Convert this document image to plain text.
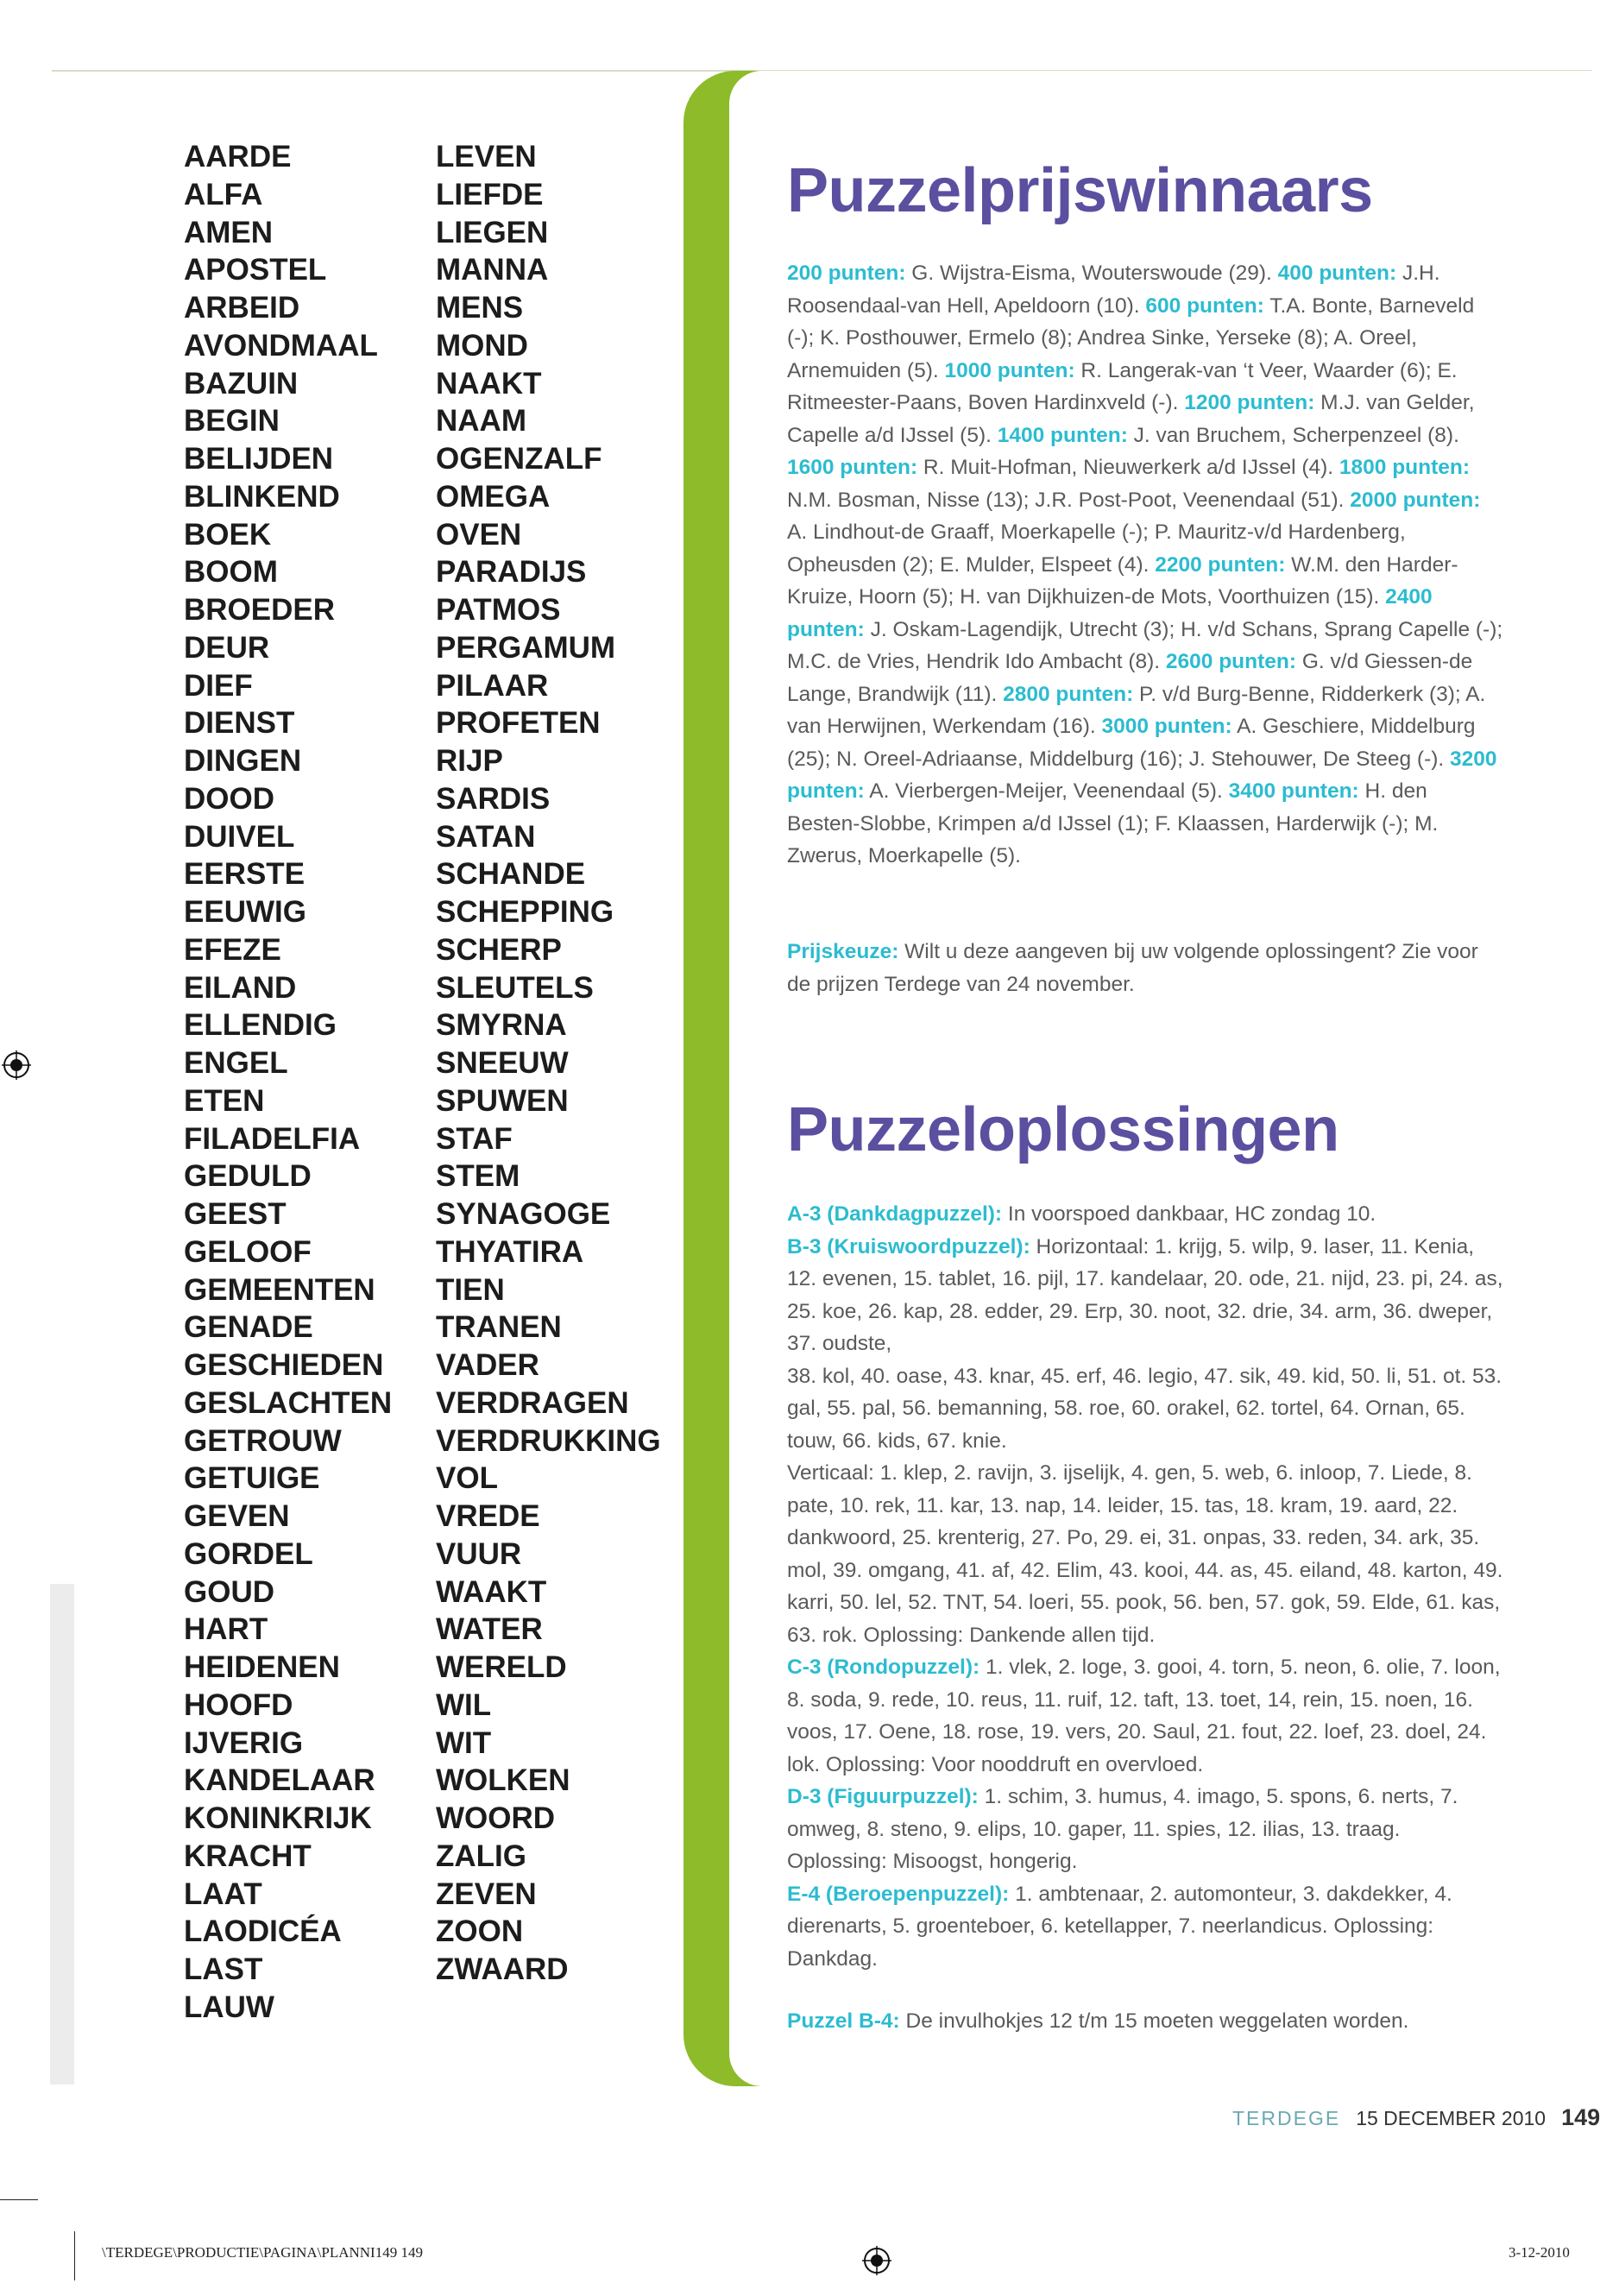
AARDE
ALFA
AMEN
APOSTEL
ARBEID
AVONDMAAL
BAZUIN
BEGIN
BELIJDEN
BLINKEND
BOEK
BOOM
BROEDER
DEUR
DIEF
DIENST
DINGEN
DOOD
DUIVEL
EERSTE
EEUWIG
EFEZE
EILAND
ELLENDIG
ENGEL
ETEN
FILADELFIA
GEDULD
GEEST
GELOOF
GEMEENTEN
GENADE
GESCHIEDEN
GESLACHTEN
GETROUW
GETUIGE
GEVEN
GORDEL
GOUD
HART
HEIDENEN
HOOFD
IJVERIG
KANDELAAR
KONINKRIJK
KRACHT
LAAT
LAODICÉA
LAST
LAUW
LEVEN
LIEFDE
LIEGEN
MANNA
MENS
MOND
NAAKT
NAAM
OGENZALF
OMEGA
OVEN
PARADIJS
PATMOS
PERGAMUM
PILAAR
PROFETEN
RIJP
SARDIS
SATAN
SCHANDE
SCHEPPING
SCHERP
SLEUTELS
SMYRNA
SNEEUW
SPUWEN
STAF
STEM
SYNAGOGE
THYATIRA
TIEN
TRANEN
VADER
VERDRAGEN
VERDRUKKING
VOL
VREDE
VUUR
WAAKT
WATER
WERELD
WIL
WIT
WOLKEN
WOORD
ZALIG
ZEVEN
ZOON
ZWAARD
Puzzelprijswinnaars

200 punten: G. Wijstra-Eisma, Wouterswoude (29). 400 punten: J.H. Roosendaal-van Hell, Apeldoorn (10). 600 punten: T.A. Bonte, Barneveld (-); K. Posthouwer, Ermelo (8); Andrea Sinke, Yerseke (8); A. Oreel, Arnemuiden (5). 1000 punten: R. Langerak-van ‘t Veer, Waarder (6); E. Ritmeester-Paans, Boven Hardinxveld (-). 1200 punten: M.J. van Gelder, Capelle a/d IJssel (5). 1400 punten: J. van Bruchem, Scherpenzeel (8). 1600 punten: R. Muit-Hofman, Nieuwerkerk a/d IJssel (4). 1800 punten: N.M. Bosman, Nisse (13); J.R. Post-Poot, Veenendaal (51). 2000 punten: A. Lindhout-de Graaff, Moerkapelle (-); P. Mauritz-v/d Hardenberg, Opheusden (2); E. Mulder, Elspeet (4). 2200 punten: W.M. den Harder-Kruize, Hoorn (5); H. van Dijkhuizen-de Mots, Voorthuizen (15). 2400 punten: J. Oskam-Lagendijk, Utrecht (3); H. v/d Schans, Sprang Capelle (-); M.C. de Vries, Hendrik Ido Ambacht (8). 2600 punten: G. v/d Giessen-de Lange, Brandwijk (11). 2800 punten: P. v/d Burg-Benne, Ridderkerk (3); A. van Herwijnen, Werkendam (16). 3000 punten: A. Geschiere, Middelburg (25); N. Oreel-Adriaanse, Middelburg (16); J. Stehouwer, De Steeg (-). 3200 punten: A. Vierbergen-Meijer, Veenendaal (5). 3400 punten: H. den Besten-Slobbe, Krimpen a/d IJssel (1); F. Klaassen, Harderwijk (-); M. Zwerus, Moerkapelle (5).

Prijskeuze: Wilt u deze aangeven bij uw volgende oplossingent? Zie voor de prijzen Terdege van 24 november.

Puzzeloplossingen
A-3 (Dankdagpuzzel): In voorspoed dankbaar, HC zondag 10.
B-3 (Kruiswoordpuzzel): Horizontaal: 1. krijg, 5. wilp, 9. laser, 11. Kenia, 12. evenen, 15. tablet, 16. pijl, 17. kandelaar, 20. ode, 21. nijd, 23. pi, 24. as, 25. koe, 26. kap, 28. edder, 29. Erp, 30. noot, 32. drie, 34. arm, 36. dweper, 37. oudste,
38. kol, 40. oase, 43. knar, 45. erf, 46. legio, 47. sik, 49. kid, 50. li, 51. ot. 53. gal, 55. pal, 56. bemanning, 58. roe, 60. orakel, 62. tortel, 64. Ornan, 65. touw, 66. kids, 67. knie.
Verticaal: 1. klep, 2. ravijn, 3. ijselijk, 4. gen, 5. web, 6. inloop, 7. Liede, 8. pate, 10. rek, 11. kar, 13. nap, 14. leider, 15. tas, 18. kram, 19. aard, 22. dankwoord, 25. krenterig, 27. Po, 29. ei, 31. onpas, 33. reden, 34. ark, 35. mol, 39. omgang, 41. af, 42. Elim, 43. kooi, 44. as, 45. eiland, 48. karton, 49. karri, 50. lel, 52. TNT, 54. loeri, 55. pook, 56. ben, 57. gok, 59. Elde, 61. kas, 63. rok. Oplossing: Dankende allen tijd.
C-3 (Rondopuzzel): 1. vlek, 2. loge, 3. gooi, 4. torn, 5. neon, 6. olie, 7. loon, 8. soda, 9. rede, 10. reus, 11. ruif, 12. taft, 13. toet, 14, rein, 15. noen, 16. voos, 17. Oene, 18. rose, 19. vers, 20. Saul, 21. fout, 22. loef, 23. doel, 24. lok. Oplossing: Voor nooddruft en overvloed.
D-3 (Figuurpuzzel): 1. schim, 3. humus, 4. imago, 5. spons, 6. nerts, 7. omweg, 8. steno, 9. elips, 10. gaper, 11. spies, 12. ilias, 13. traag. Oplossing: Misoogst, hongerig.
E-4 (Beroepenpuzzel): 1. ambtenaar, 2. automonteur, 3. dakdekker, 4. dierenarts, 5. groenteboer, 6. ketellapper, 7. neerlandicus. Oplossing: Dankdag.

Puzzel B-4: De invulhokjes 12 t/m 15 moeten weggelaten worden.

TERDEGE 15 DECEMBER 2010 149
\TERDEGE\PRODUCTIE\PAGINA\PLANNI149 149	3-12-2010
